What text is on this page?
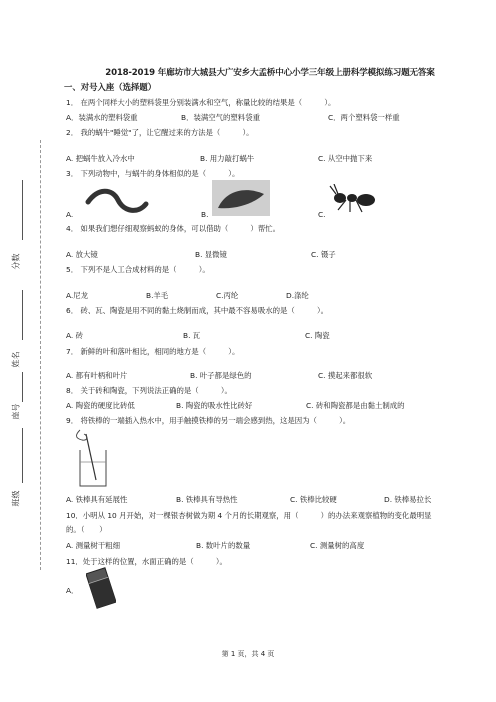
分数
姓名
座号
班级
2018-2019 年廊坊市大城县大广安乡大孟桥中心小学三年级上册科学模拟练习题无答案
一、对号入座（选择题）
1． 在两个同样大小的塑料袋里分别装满水和空气，称量比较的结果是（　　　）。
A．装满水的塑料袋重	B．装满空气的塑料袋重	C．两个塑料袋一样重
2． 我的蜗牛"睡觉"了，让它醒过来的方法是（　　　）。
A. 把蜗牛放入冷水中	B. 用力敲打蜗牛	C. 从空中抛下来
3． 下列动物中，与蜗牛的身体相似的是（　　　）。
A.	B.	C.
4． 如果我们想仔细观察蚂蚁的身体，可以借助（　　　）帮忙。
A. 放大镜	B. 显微镜	C. 镊子
5． 下列不是人工合成材料的是（　　　）。
A.尼龙	B.羊毛	C.丙纶	D.涤纶
6． 砖、瓦、陶瓷是用不同的黏土烧制而成，其中最不容易吸水的是（　　　）。
A. 砖	B. 瓦	C. 陶瓷
7． 新鲜的叶和落叶相比，相同的地方是（　　　）。
A. 都有叶柄和叶片	B. 叶子都是绿色的	C. 摸起来都很软
8． 关于砖和陶瓷，下列说法正确的是（　　　）。
A. 陶瓷的硬度比砖低	B. 陶瓷的吸水性比砖好	C. 砖和陶瓷都是由黏土制成的
9． 将铁棒的一端插入热水中，用手触摸铁棒的另一端会感到热，这是因为（　　　）。
A. 铁棒具有延展性	B. 铁棒具有导热性	C. 铁棒比较硬	D. 铁棒易拉长
10．小明从 10 月开始，对一棵银杏树做为期 4 个月的长期观察，用（　　　）的办法来观察植物的变化最明显
的。（　　）
A. 测量树干粗细	B. 数叶片的数量	C. 测量树的高度
11．处于这样的位置，水面正确的是（　　　）。
A．
第 1 页，共 4 页
